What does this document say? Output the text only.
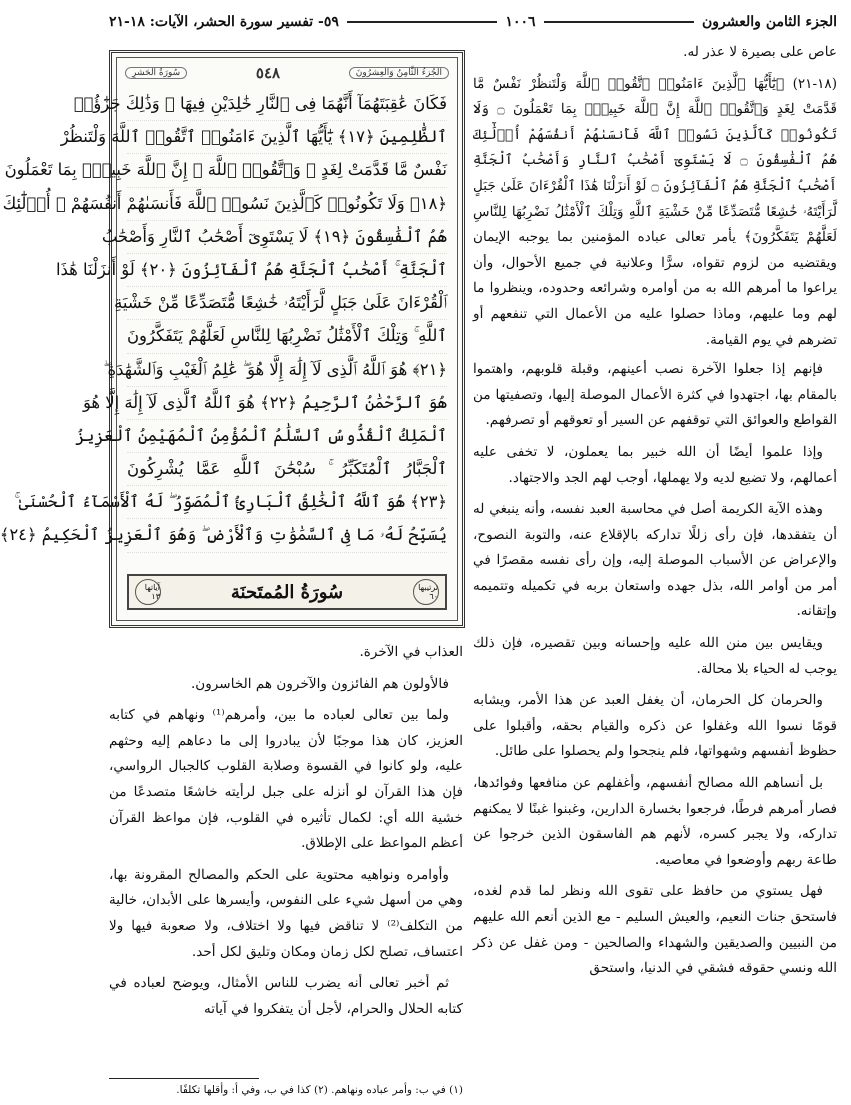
الجزء الثامن والعشرون
١٠٠٦
٥٩- تفسير سورة الحشر، الآيات: ١٨-٢١

عاص على بصيرة لا عذر له.

(١٨-٢١) ﴿يَٰٓأَيُّهَا ٱلَّذِينَ ءَامَنُوا۟ ٱتَّقُوا۟ ٱللَّهَ وَلْتَنظُرْ نَفْسٌ مَّا قَدَّمَتْ لِغَدٍ وَٱتَّقُوا۟ ٱللَّهَ إِنَّ ٱللَّهَ خَبِيرٌۢ بِمَا تَعْمَلُونَ ۝ وَلَا تَكُونُوا۟ كَٱلَّذِينَ نَسُوا۟ ٱللَّهَ فَأَنسَىٰهُمْ أَنفُسَهُمْ أُو۟لَٰٓئِكَ هُمُ ٱلْفَٰسِقُونَ ۝ لَا يَسْتَوِىٓ أَصْحَٰبُ ٱلنَّارِ وَأَصْحَٰبُ ٱلْجَنَّةِ أَصْحَٰبُ ٱلْجَنَّةِ هُمُ ٱلْفَآئِزُونَ ۝ لَوْ أَنزَلْنَا هَٰذَا ٱلْقُرْءَانَ عَلَىٰ جَبَلٍ لَّرَأَيْتَهُۥ خَٰشِعًا مُّتَصَدِّعًا مِّنْ خَشْيَةِ ٱللَّهِ وَتِلْكَ ٱلْأَمْثَٰلُ نَضْرِبُهَا لِلنَّاسِ لَعَلَّهُمْ يَتَفَكَّرُونَ﴾ يأمر تعالى عباده المؤمنين بما يوجبه الإيمان ويقتضيه من لزوم تقواه، سرًّا وعلانية في جميع الأحوال، وأن يراعوا ما أمرهم الله به من أوامره وشرائعه وحدوده، وينظروا ما لهم وما عليهم، وماذا حصلوا عليه من الأعمال التي تنفعهم أو تضرهم في يوم القيامة.

فإنهم إذا جعلوا الآخرة نصب أعينهم، وقبلة قلوبهم، واهتموا بالمقام بها، اجتهدوا في كثرة الأعمال الموصلة إليها، وتصفيتها من القواطع والعوائق التي توقفهم عن السير أو تعوقهم أو تصرفهم.

وإذا علموا أيضًا أن الله خبير بما يعملون، لا تخفى عليه أعمالهم، ولا تضيع لديه ولا يهملها، أوجب لهم الجد والاجتهاد.

وهذه الآية الكريمة أصل في محاسبة العبد نفسه، وأنه ينبغي له أن يتفقدها، فإن رأى زللًا تداركه بالإقلاع عنه، والتوبة النصوح، والإعراض عن الأسباب الموصلة إليه، وإن رأى نفسه مقصرًا في أمر من أوامر الله، بذل جهده واستعان بربه في تكميله وتتميمه وإتقانه.

ويقايس بين منن الله عليه وإحسانه وبين تقصيره، فإن ذلك يوجب له الحياء بلا محالة.

والحرمان كل الحرمان، أن يغفل العبد عن هذا الأمر، ويشابه قومًا نسوا الله وغفلوا عن ذكره والقيام بحقه، وأقبلوا على حظوظ أنفسهم وشهواتها، فلم ينجحوا ولم يحصلوا على طائل.

بل أنساهم الله مصالح أنفسهم، وأغفلهم عن منافعها وفوائدها، فصار أمرهم فرطًا، فرجعوا بخسارة الدارين، وغبنوا غبنًا لا يمكنهم تداركه، ولا يجبر كسره، لأنهم هم الفاسقون الذين خرجوا عن طاعة ربهم وأوضعوا في معاصيه.

فهل يستوي من حافظ على تقوى الله ونظر لما قدم لغده، فاستحق جنات النعيم، والعيش السليم - مع الذين أنعم الله عليهم من النبيين والصديقين والشهداء والصالحين - ومن غفل عن ذكر الله ونسي حقوقه فشقي في الدنيا، واستحق

الجُزءُ الثَّامِنُ وَالعِشرُونَ
٥٤٨
سُورَةُ الحَشرِ
فَكَانَ عَٰقِبَتَهُمَآ أَنَّهُمَا فِى ٱلنَّارِ خَٰلِدَيْنِ فِيهَا ۚ وَذَٰلِكَ جَزَٰٓؤُا۟
ٱلظَّٰلِمِينَ ﴿١٧﴾ يَٰٓأَيُّهَا ٱلَّذِينَ ءَامَنُوا۟ ٱتَّقُوا۟ ٱللَّهَ وَلْتَنظُرْ
نَفْسٌ مَّا قَدَّمَتْ لِغَدٍ ۖ وَٱتَّقُوا۟ ٱللَّهَ ۚ إِنَّ ٱللَّهَ خَبِيرٌۢ بِمَا تَعْمَلُونَ
﴿١٨﴾ وَلَا تَكُونُوا۟ كَٱلَّذِينَ نَسُوا۟ ٱللَّهَ فَأَنسَىٰهُمْ أَنفُسَهُمْ ۚ أُو۟لَٰٓئِكَ
هُمُ ٱلْفَٰسِقُونَ ﴿١٩﴾ لَا يَسْتَوِىٓ أَصْحَٰبُ ٱلنَّارِ وَأَصْحَٰبُ
ٱلْجَنَّةِ ۚ أَصْحَٰبُ ٱلْجَنَّةِ هُمُ ٱلْفَآئِزُونَ ﴿٢٠﴾ لَوْ أَنزَلْنَا هَٰذَا
ٱلْقُرْءَانَ عَلَىٰ جَبَلٍ لَّرَأَيْتَهُۥ خَٰشِعًا مُّتَصَدِّعًا مِّنْ خَشْيَةِ
ٱللَّهِ ۚ وَتِلْكَ ٱلْأَمْثَٰلُ نَضْرِبُهَا لِلنَّاسِ لَعَلَّهُمْ يَتَفَكَّرُونَ
﴿٢١﴾ هُوَ ٱللَّهُ ٱلَّذِى لَآ إِلَٰهَ إِلَّا هُوَ ۖ عَٰلِمُ ٱلْغَيْبِ وَٱلشَّهَٰدَةِ ۖ
هُوَ ٱلرَّحْمَٰنُ ٱلرَّحِيمُ ﴿٢٢﴾ هُوَ ٱللَّهُ ٱلَّذِى لَآ إِلَٰهَ إِلَّا هُوَ
ٱلْمَلِكُ ٱلْقُدُّوسُ ٱلسَّلَٰمُ ٱلْمُؤْمِنُ ٱلْمُهَيْمِنُ ٱلْعَزِيزُ
ٱلْجَبَّارُ ٱلْمُتَكَبِّرُ ۚ سُبْحَٰنَ ٱللَّهِ عَمَّا يُشْرِكُونَ
﴿٢٣﴾ هُوَ ٱللَّهُ ٱلْخَٰلِقُ ٱلْبَارِئُ ٱلْمُصَوِّرُ ۖ لَهُ ٱلْأَسْمَآءُ ٱلْحُسْنَىٰ ۚ
يُسَبِّحُ لَهُۥ مَا فِى ٱلسَّمَٰوَٰتِ وَٱلْأَرْضِ ۖ وَهُوَ ٱلْعَزِيزُ ٱلْحَكِيمُ ﴿٢٤﴾
ترتيبها ٦٠
سُورَةُ المُمتَحنَة
آياتها ١٣

العذاب في الآخرة.

فالأولون هم الفائزون والآخرون هم الخاسرون.

ولما بين تعالى لعباده ما بين، وأمرهم⁽¹⁾ ونهاهم في كتابه العزيز، كان هذا موجبًا لأن يبادروا إلى ما دعاهم إليه وحثهم عليه، ولو كانوا في القسوة وصلابة القلوب كالجبال الرواسي، فإن هذا القرآن لو أنزله على جبل لرأيته خاشعًا متصدعًا من خشية الله أي: لكمال تأثيره في القلوب، فإن مواعظ القرآن أعظم المواعظ على الإطلاق.

وأوامره ونواهيه محتوية على الحكم والمصالح المقرونة بها، وهي من أسهل شيء على النفوس، وأيسرها على الأبدان، خالية من التكلف⁽²⁾ لا تناقض فيها ولا اختلاف، ولا صعوبة فيها ولا اعتساف، تصلح لكل زمان ومكان وتليق لكل أحد.

ثم أخبر تعالى أنه يضرب للناس الأمثال، ويوضح لعباده في كتابه الحلال والحرام، لأجل أن يتفكروا في آياته

(١) في ب: وأمر عباده ونهاهم. (٢) كذا في ب، وفي أ: وأقلها تكلفًا.
